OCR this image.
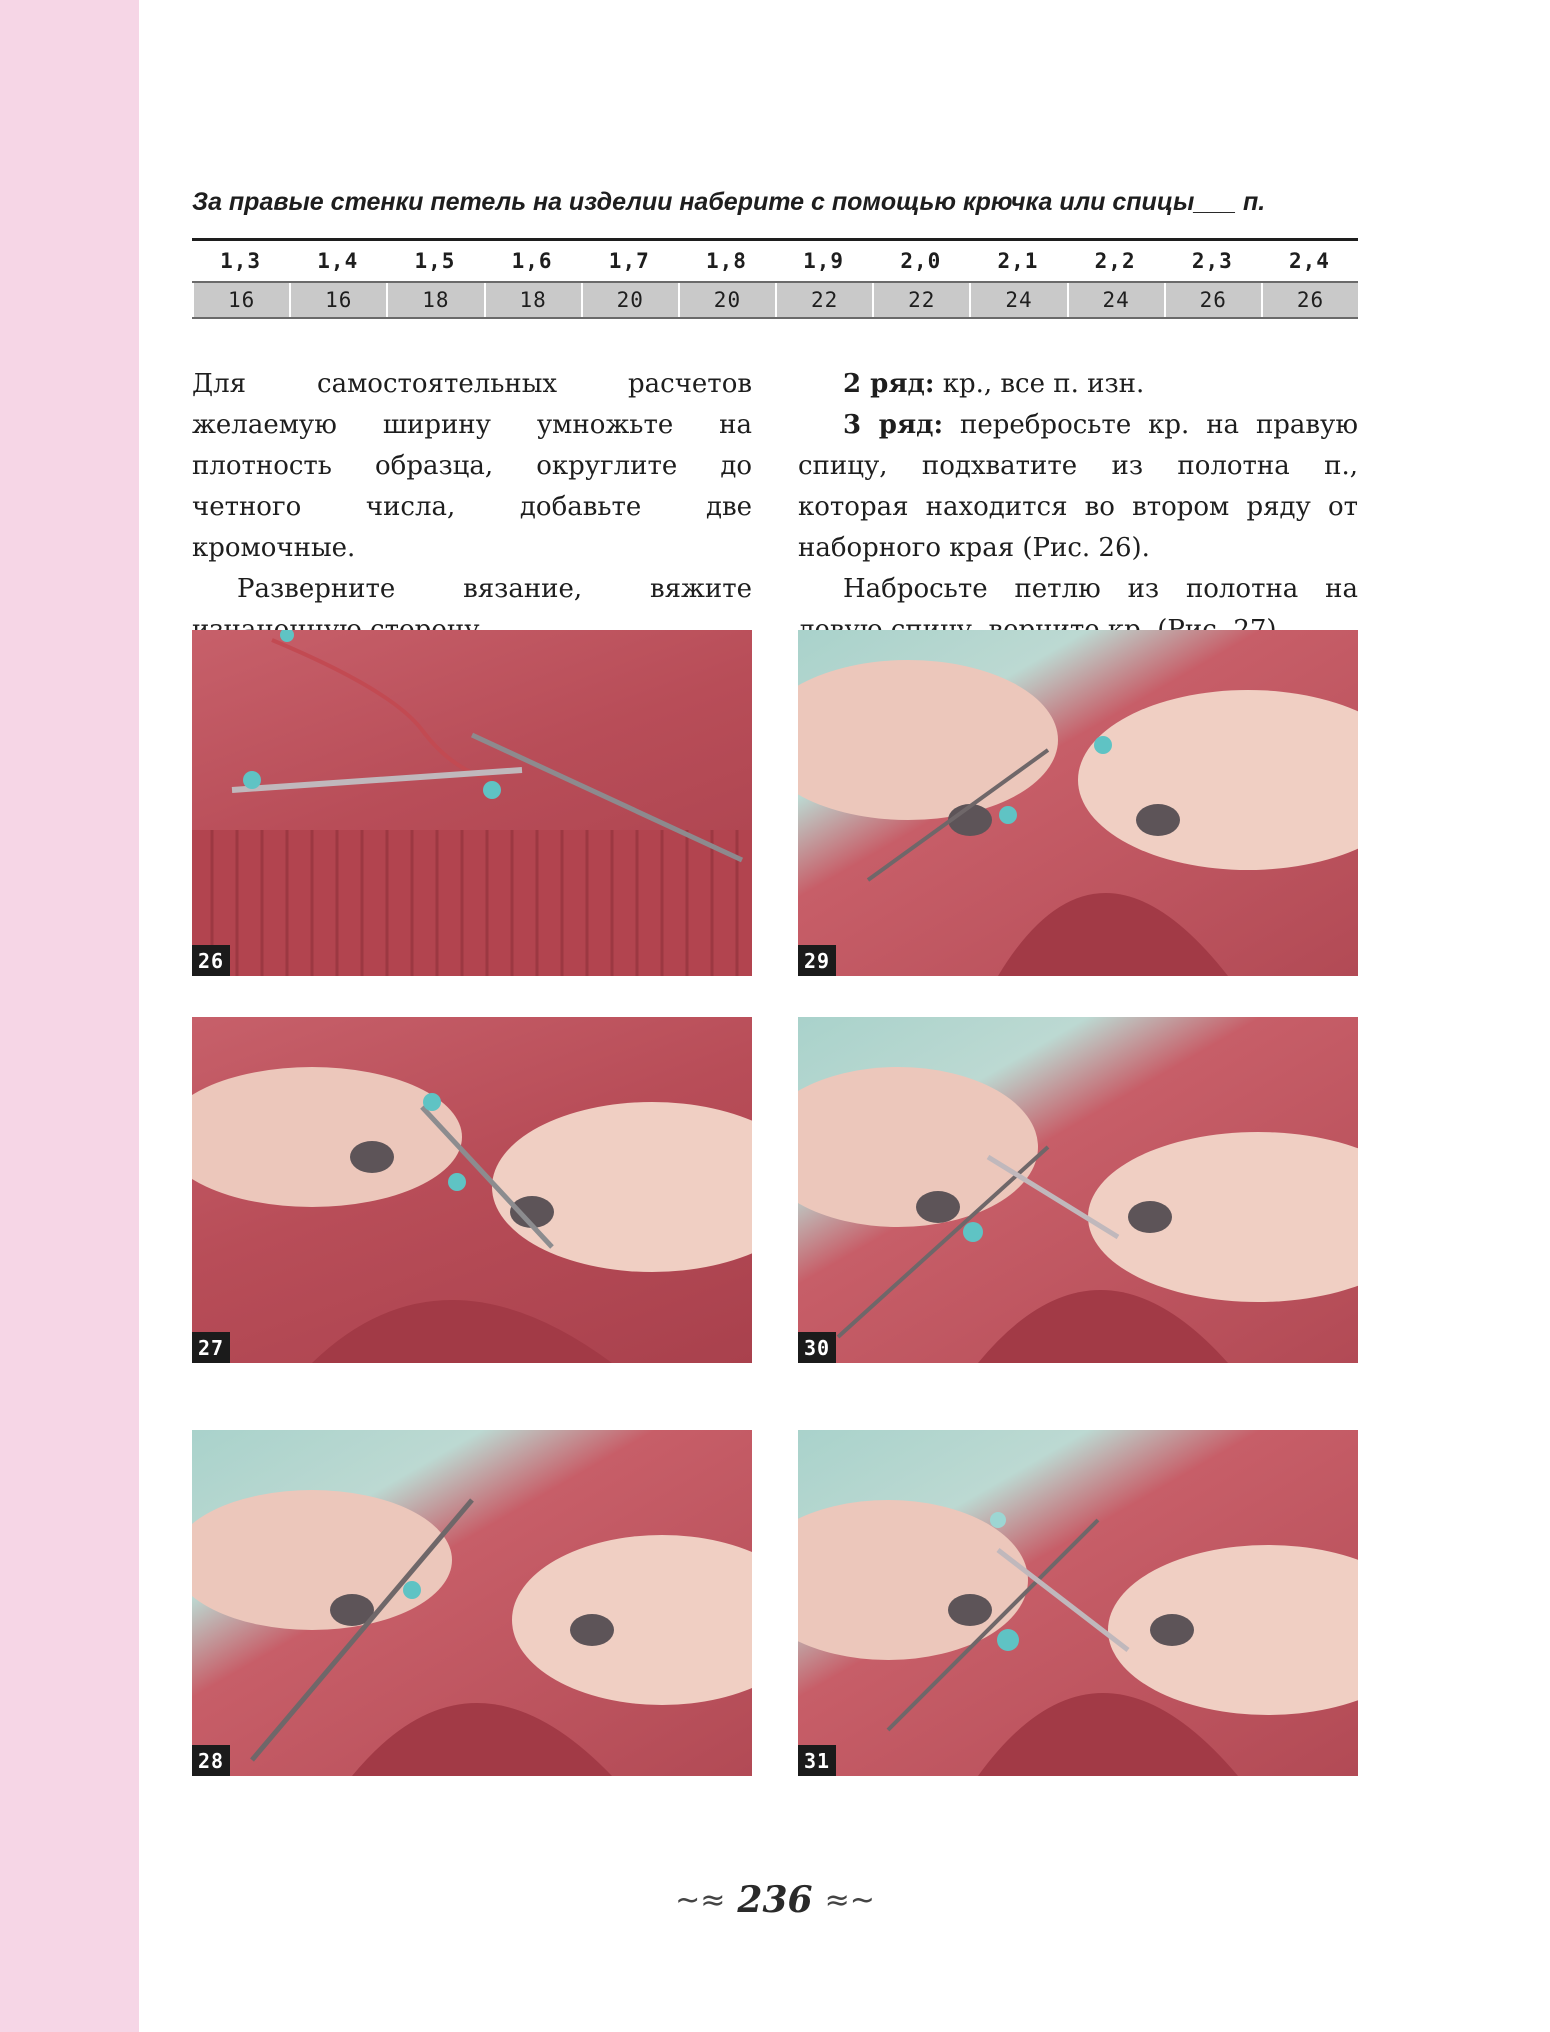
За правые стенки петель на изделии наберите с помощью крючка или спицы___ п.
1,3	1,4	1,5	1,6	1,7	1,8	1,9	2,0	2,1	2,2	2,3	2,4
16	16	18	18	20	20	22	22	24	24	26	26

Для самостоятельных расчетов желаемую ширину умножьте на плотность образца, округлите до четного числа, добавьте две кромочные.

Разверните вязание, вяжите

2 ряд: кр., все п. изн.

3 ряд: перебросьте кр. на правую спицу, подхватите из полотна п., которая находится во втором ряду от наборного края (Рис. 26).

Набросьте петлю из полотна на

26
27
28
29
30
31
~≈ 236 ≈~
